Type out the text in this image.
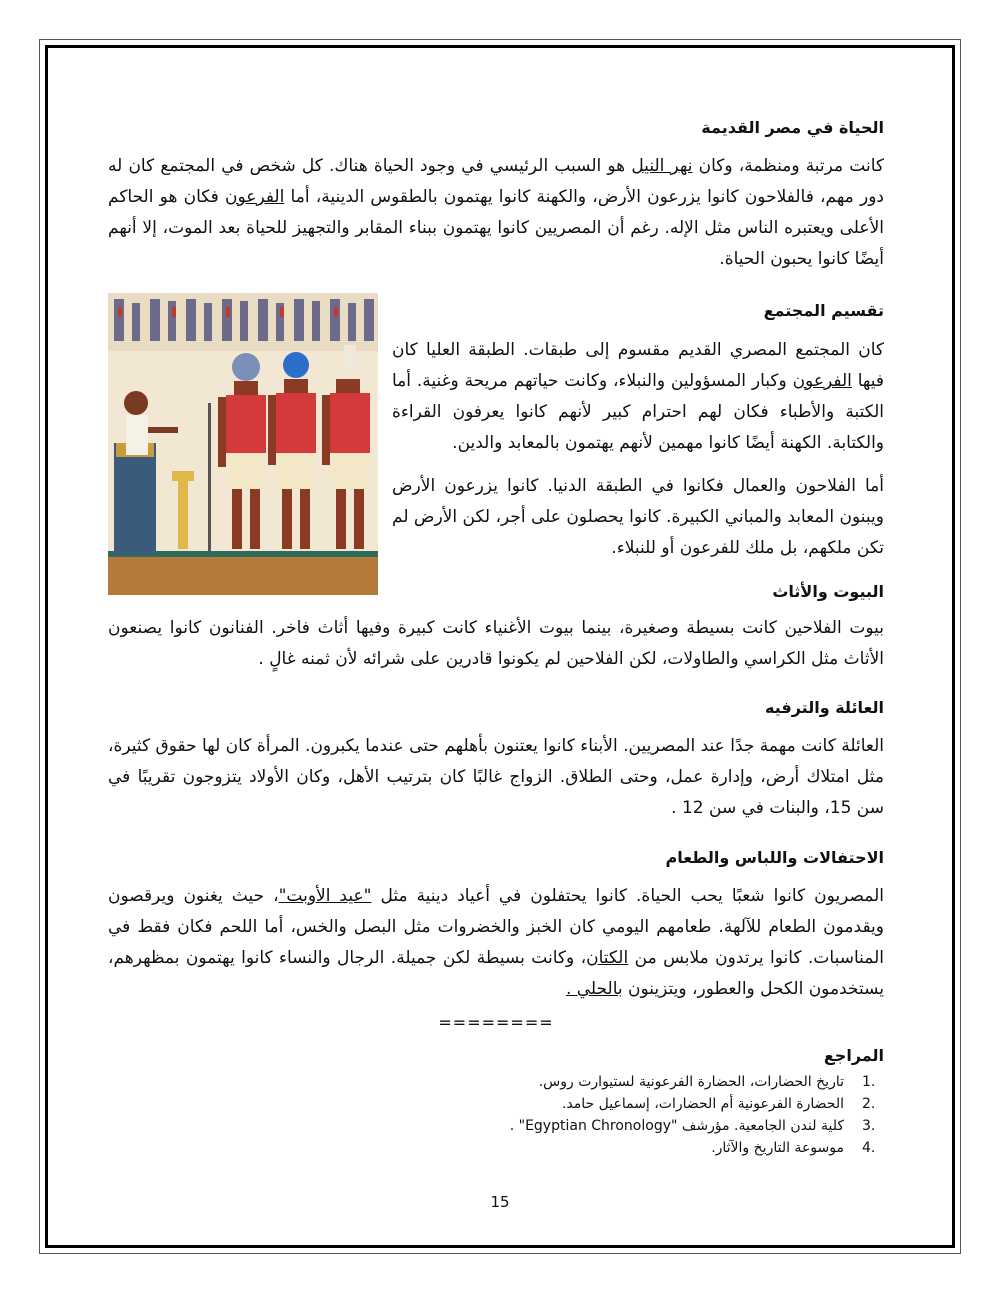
الحياة في مصر القديمة

كانت مرتبة ومنظمة، وكان نهر النيل هو السبب الرئيسي في وجود الحياة هناك. كل شخص في المجتمع كان له دور مهم، فالفلاحون كانوا يزرعون الأرض، والكهنة كانوا يهتمون بالطقوس الدينية، أما الفرعون فكان هو الحاكم الأعلى ويعتبره الناس مثل الإله. رغم أن المصريين كانوا يهتمون ببناء المقابر والتجهيز للحياة بعد الموت، إلا أنهم أيضًا كانوا يحبون الحياة.

تقسيم المجتمع

كان المجتمع المصري القديم مقسوم إلى طبقات. الطبقة العليا كان فيها الفرعون وكبار المسؤولين والنبلاء، وكانت حياتهم مريحة وغنية. أما الكتبة والأطباء فكان لهم احترام كبير لأنهم كانوا يعرفون القراءة والكتابة. الكهنة أيضًا كانوا مهمين لأنهم يهتمون بالمعابد والدين.

أما الفلاحون والعمال فكانوا في الطبقة الدنيا. كانوا يزرعون الأرض ويبنون المعابد والمباني الكبيرة. كانوا يحصلون على أجر، لكن الأرض لم تكن ملكهم، بل ملك للفرعون أو للنبلاء.

البيوت والأثاث

بيوت الفلاحين كانت بسيطة وصغيرة، بينما بيوت الأغنياء كانت كبيرة وفيها أثاث فاخر. الفنانون كانوا يصنعون الأثاث مثل الكراسي والطاولات، لكن الفلاحين لم يكونوا قادرين على شرائه لأن ثمنه غالٍ .

العائلة والترفيه

العائلة كانت مهمة جدًا عند المصريين. الأبناء كانوا يعتنون بأهلهم حتى عندما يكبرون. المرأة كان لها حقوق كثيرة، مثل امتلاك أرض، وإدارة عمل، وحتى الطلاق. الزواج غالبًا كان بترتيب الأهل، وكان الأولاد يتزوجون تقريبًا في سن 15، والبنات في سن 12 .

الاحتفالات واللباس والطعام

المصريون كانوا شعبًا يحب الحياة. كانوا يحتفلون في أعياد دينية مثل "عيد الأوبت"، حيث يغنون ويرقصون ويقدمون الطعام للآلهة. طعامهم اليومي كان الخبز والخضروات مثل البصل والخس، أما اللحم فكان فقط في المناسبات. كانوا يرتدون ملابس من الكتان، وكانت بسيطة لكن جميلة. الرجال والنساء كانوا يهتمون بمظهرهم، يستخدمون الكحل والعطور، ويتزينون بالحلي .

========
المراجع
1.
تاريخ الحضارات، الحضارة الفرعونية لستيوارت روس.
2.
الحضارة الفرعونية أم الحضارات، إسماعيل حامد.
3.
كلية لندن الجامعية. مؤرشف "Egyptian Chronology" .
4.
موسوعة التاريخ والآثار.
15
